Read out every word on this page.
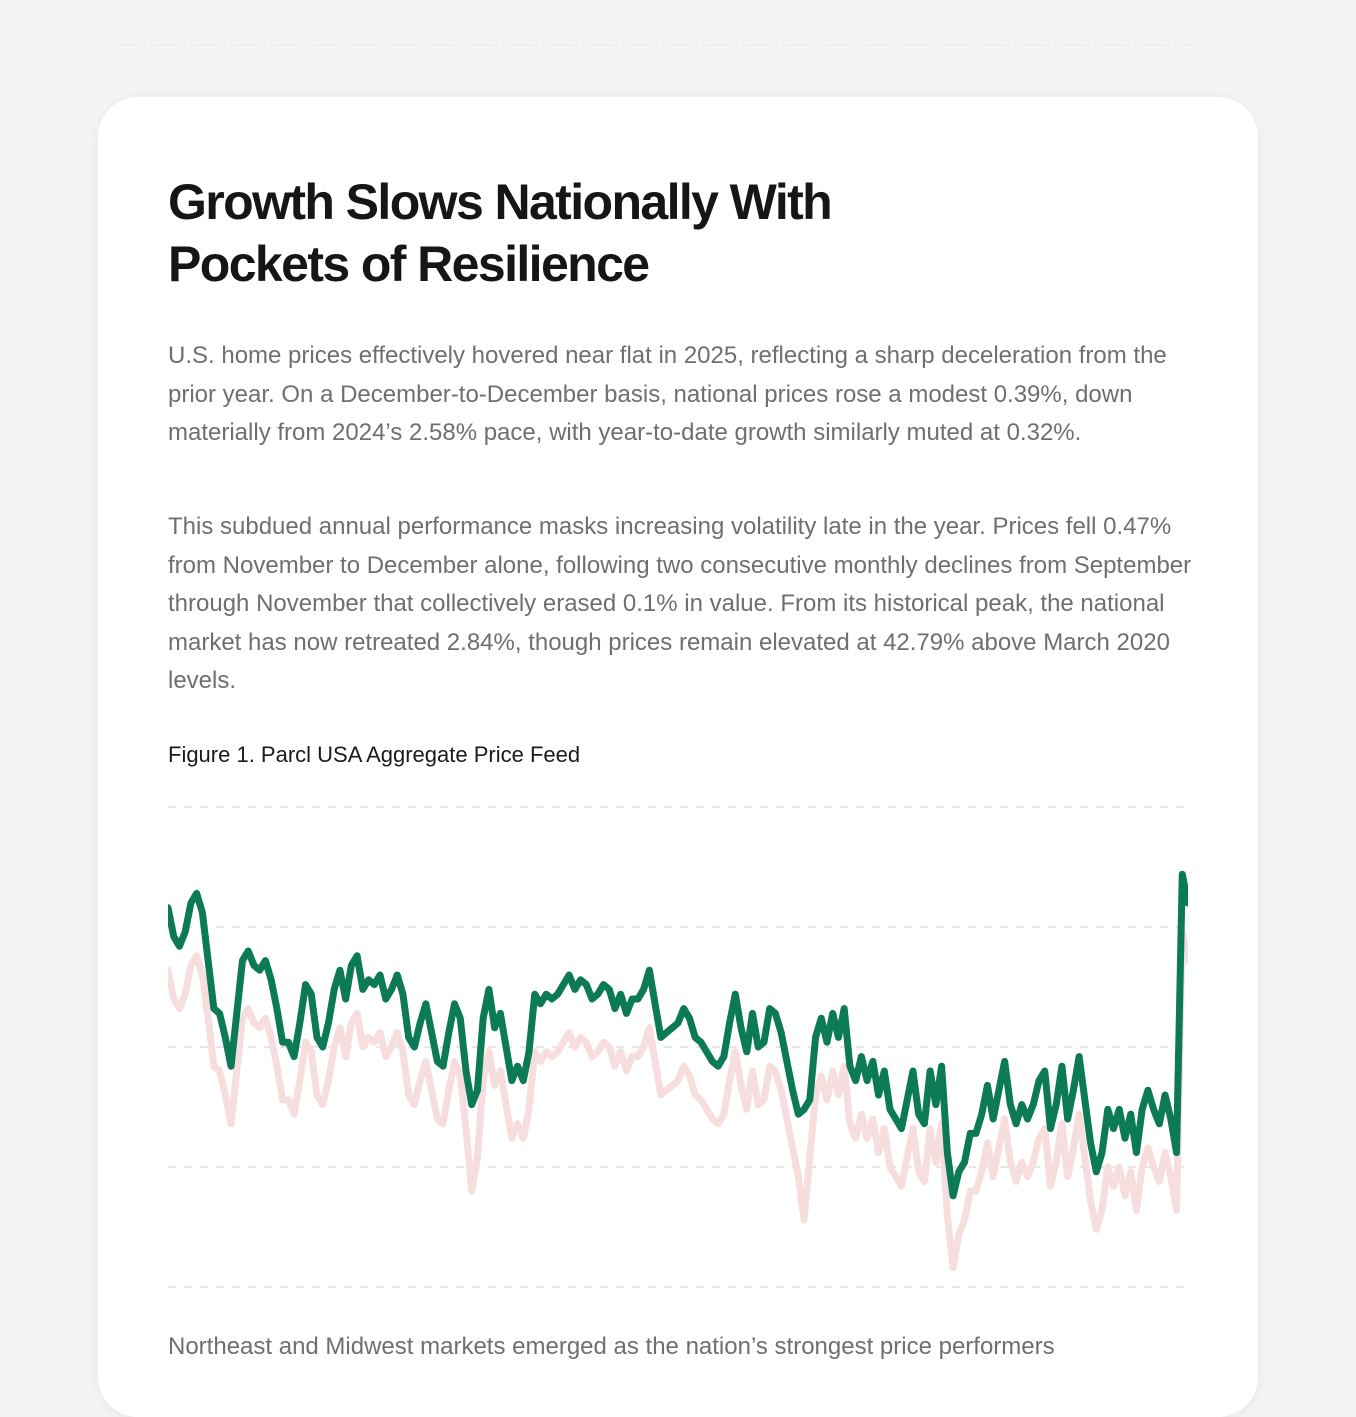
Growth Slows Nationally With Pockets of Resilience

U.S. home prices effectively hovered near flat in 2025, reflecting a sharp deceleration from the prior year. On a December-to-December basis, national prices rose a modest 0.39%, down materially from 2024’s 2.58% pace, with year-to-date growth similarly muted at 0.32%.

This subdued annual performance masks increasing volatility late in the year. Prices fell 0.47% from November to December alone, following two consecutive monthly declines from September through November that collectively erased 0.1% in value. From its historical peak, the national market has now retreated 2.84%, though prices remain elevated at 42.79% above March 2020 levels.

Figure 1. Parcl USA Aggregate Price Feed

Northeast and Midwest markets emerged as the nation’s strongest price performers
